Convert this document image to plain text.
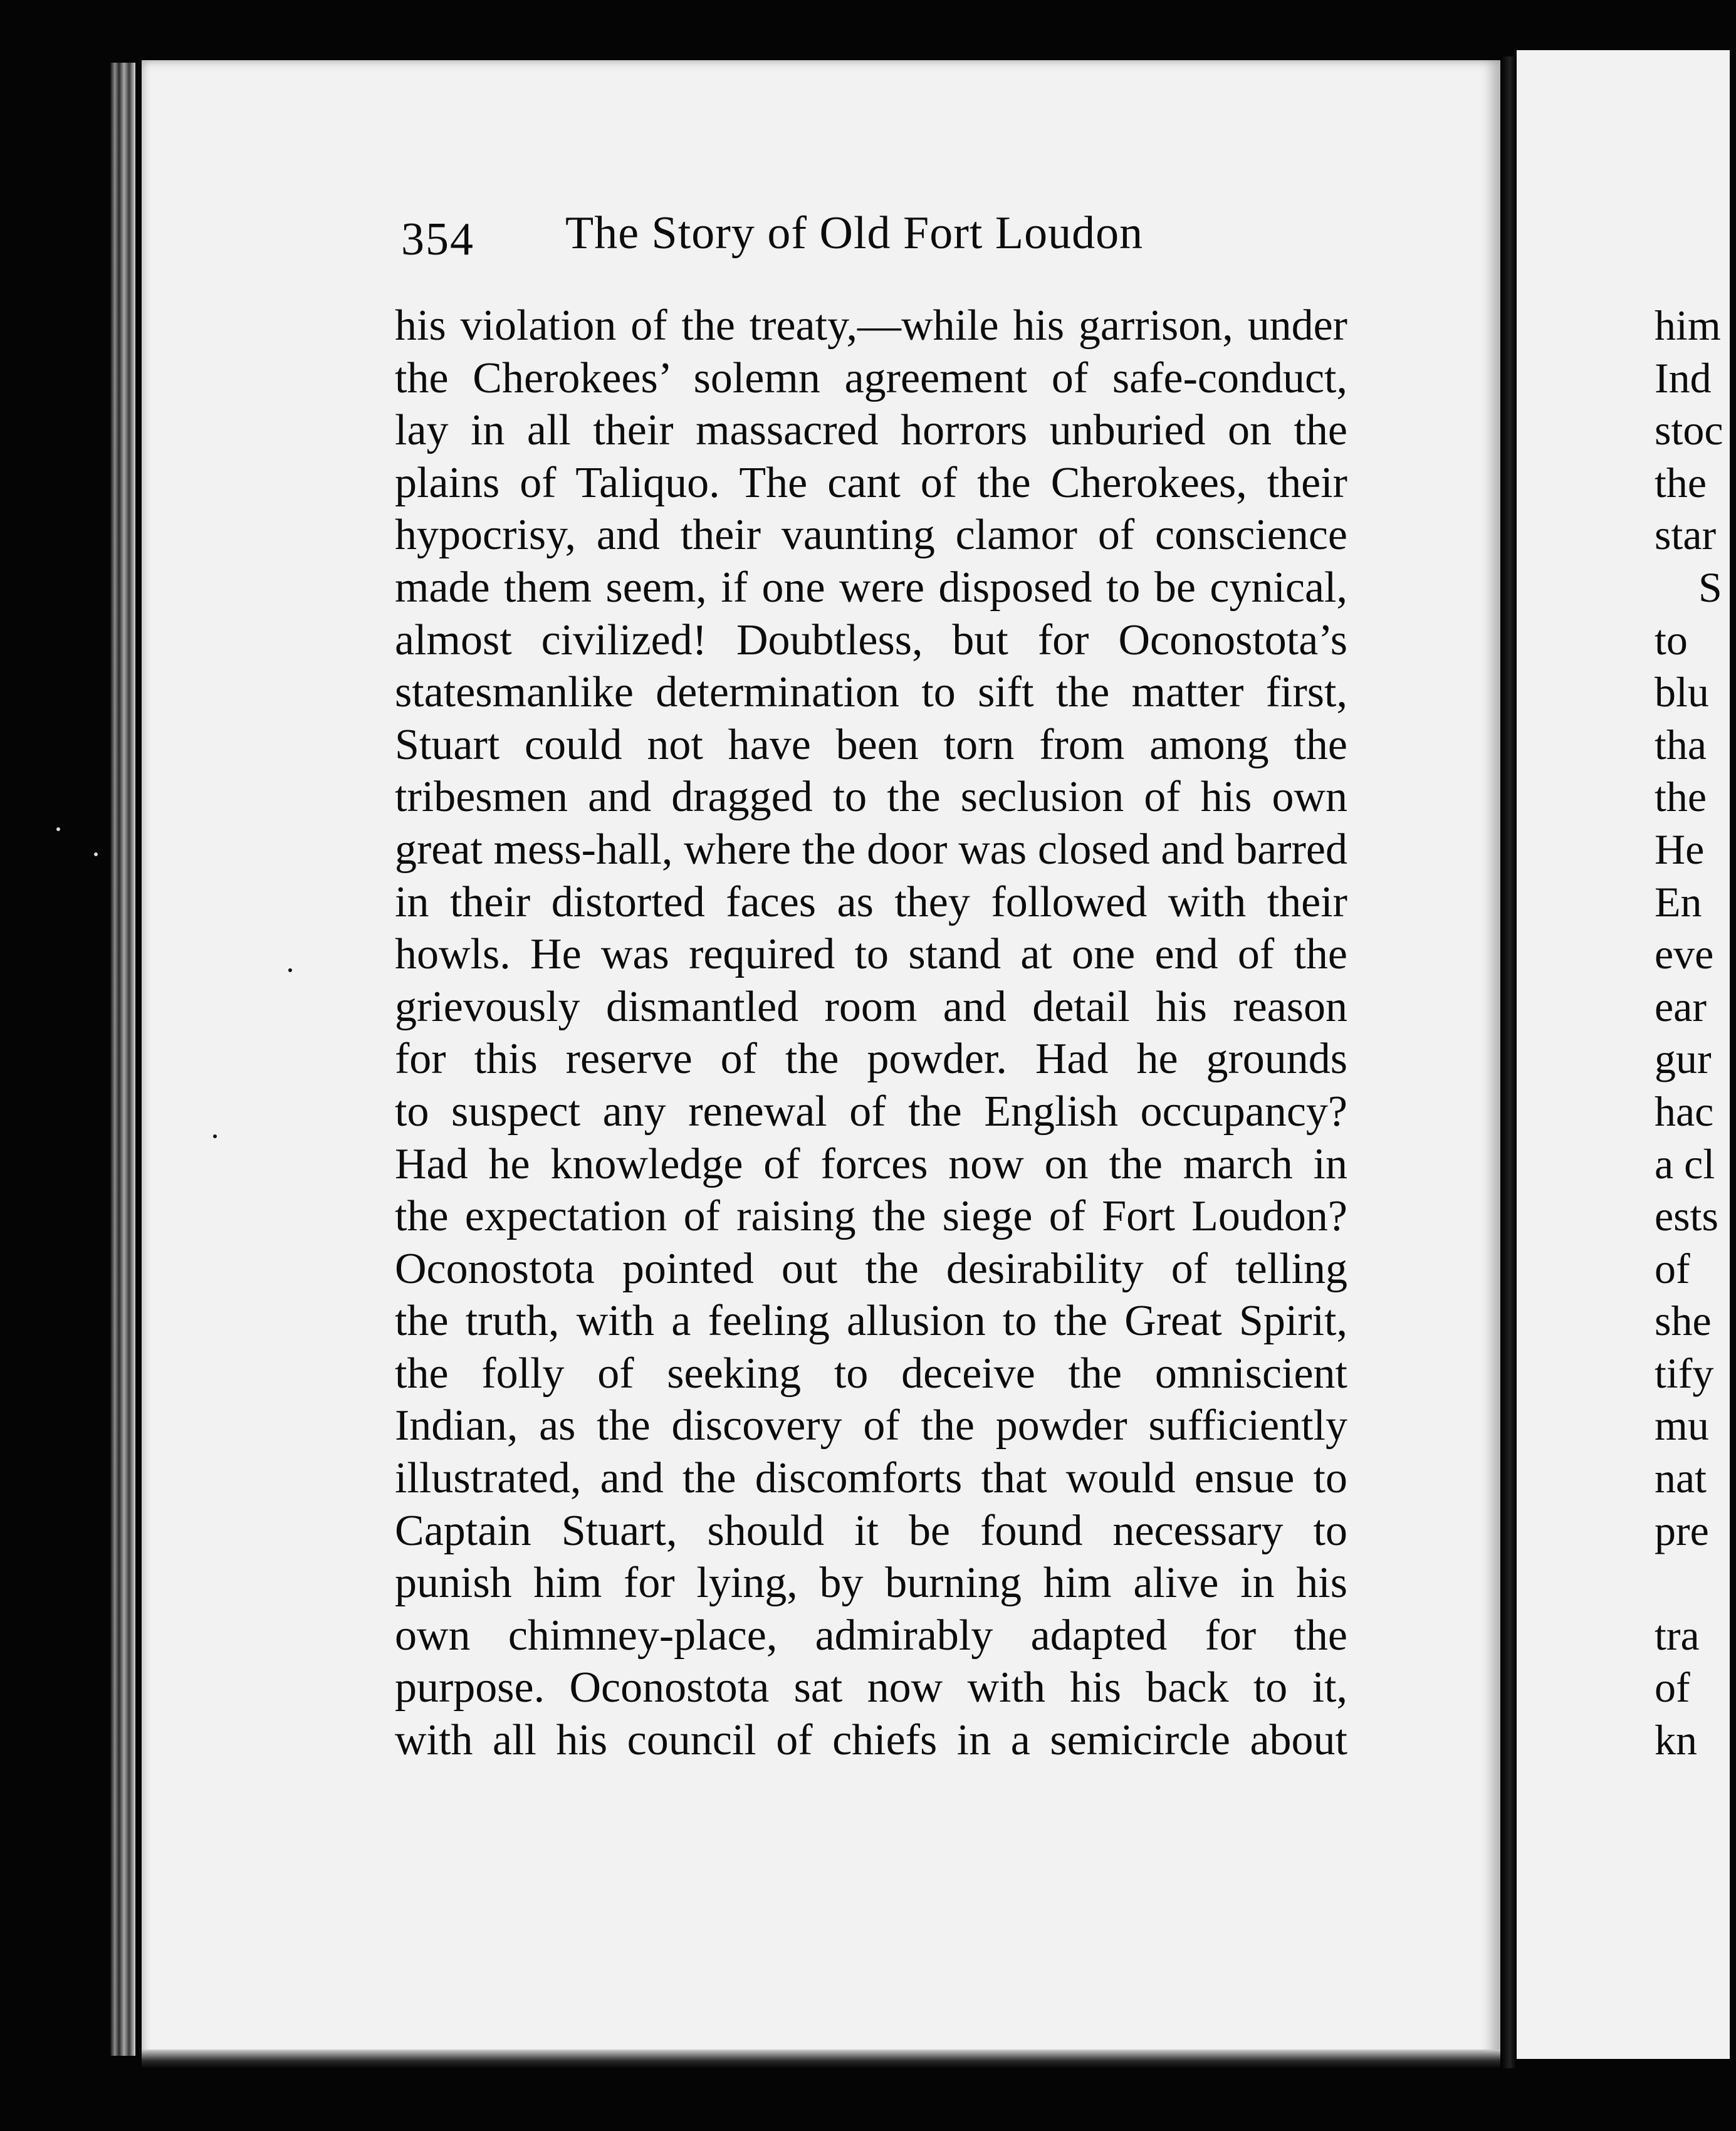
354 The Story of Old Fort Loudon
his violation of the treaty,—while his garrison, under
the Cherokees’ solemn agreement of safe-conduct,
lay in all their massacred horrors unburied on the
plains of Taliquo. The cant of the Cherokees, their
hypocrisy, and their vaunting clamor of conscience
made them seem, if one were disposed to be cynical,
almost civilized! Doubtless, but for Oconostota’s
statesmanlike determination to sift the matter first,
Stuart could not have been torn from among the
tribesmen and dragged to the seclusion of his own
great mess-hall, where the door was closed and barred
in their distorted faces as they followed with their
howls. He was required to stand at one end of the
grievously dismantled room and detail his reason
for this reserve of the powder. Had he grounds
to suspect any renewal of the English occupancy?
Had he knowledge of forces now on the march in
the expectation of raising the siege of Fort Loudon?
Oconostota pointed out the desirability of telling
the truth, with a feeling allusion to the Great Spirit,
the folly of seeking to deceive the omniscient
Indian, as the discovery of the powder sufficiently
illustrated, and the discomforts that would ensue to
Captain Stuart, should it be found necessary to
punish him for lying, by burning him alive in his
own chimney-place, admirably adapted for the
purpose. Oconostota sat now with his back to it,
with all his council of chiefs in a semicircle about
him
Ind
stoc
the
star
S
to
blu
tha
the
He
En
eve
ear
gur
hac
a cl
ests
of
she
tify
mu
nat
pre
tra
of
kn
